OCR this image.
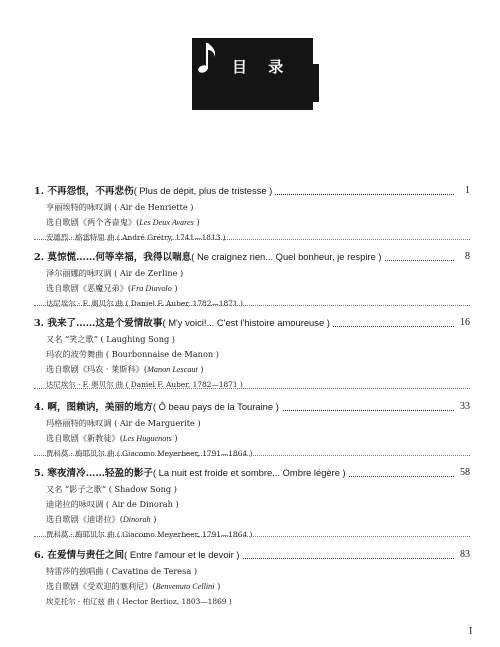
目 录
1. 不再怨恨，不再悲伤( Plus de dépit, plus de tristesse )	1
亨丽埃特的咏叹调 ( Air de Henriette )
选自歌剧《两个吝啬鬼》(Les Deux Avares )
安德烈 · 格雷特里 曲 ( André Grétry, 1741—1813 )
2. 莫惊慌……何等幸福，我得以喘息( Ne craignez rien... Quel bonheur, je respire )	8
泽尔丽娜的咏叹调 ( Air de Zerline )
选自歌剧《恶魔兄弟》(Fra Diavolo )
达尼埃尔 · F. 奥贝尔 曲 ( Daniel F. Auber, 1782—1871 )
3. 我来了……这是个爱情故事( M'y voici!... C'est l'histoire amoureuse )	16
又名 “笑之歌” ( Laughing Song )
玛农的波劳舞曲 ( Bourbonnaise de Manon )
选自歌剧《玛农 · 莱斯科》(Manon Lescaut )
达尼埃尔 · F. 奥贝尔 曲 ( Daniel F. Auber, 1782—1871 )
4. 啊，图赖讷，美丽的地方( Ô beau pays de la Touraine )	33
玛格丽特的咏叹调 ( Air de Marguerite )
选自歌剧《新教徒》(Les Huguenots )
贾科莫 · 梅耶贝尔 曲 ( Giacomo Meyerbeer, 1791—1864 )
5. 寒夜清冷……轻盈的影子( La nuit est froide et sombre... Ombre légère )	58
又名 “影子之歌” ( Shadow Song )
迪诺拉的咏叹调 ( Air de Dinorah )
选自歌剧《迪诺拉》(Dinorah )
贾科莫 · 梅耶贝尔 曲 ( Giacomo Meyerbeer, 1791—1864 )
6. 在爱情与责任之间( Entre l'amour et le devoir )	83
特雷莎的独唱曲 ( Cavatina de Teresa )
选自歌剧《受欢迎的塞利尼》(Benvenuto Cellini )
埃克托尔 · 柏辽兹 曲 ( Hector Berlioz, 1803—1869 )
I
